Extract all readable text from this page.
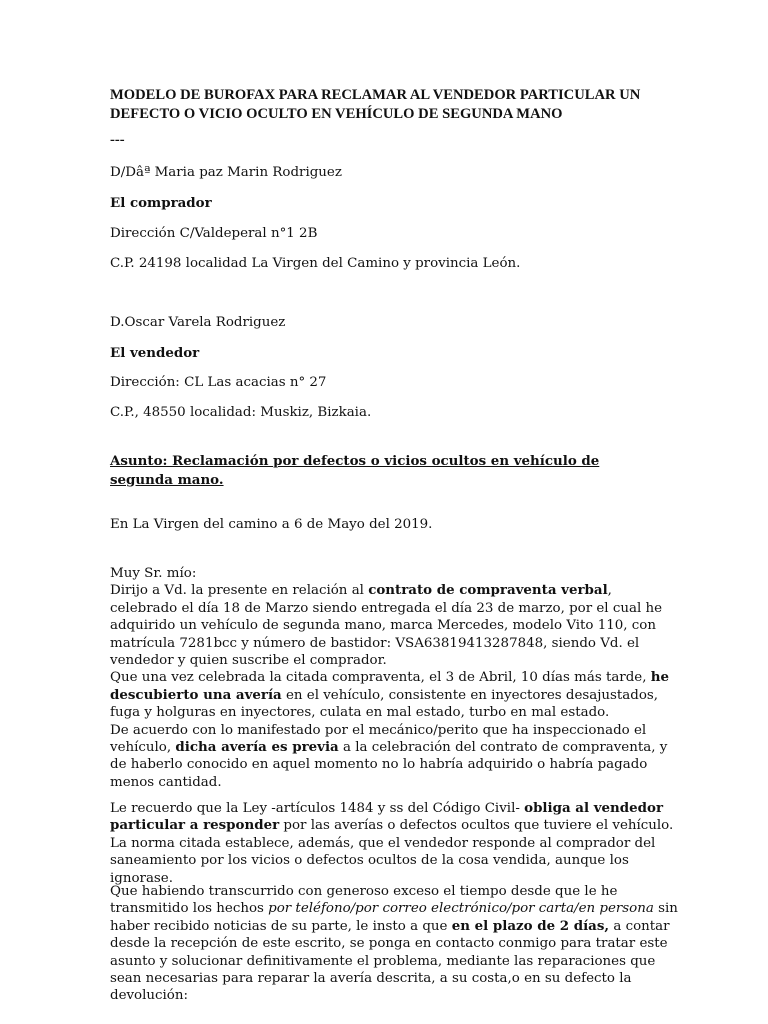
MODELO DE BUROFAX PARA RECLAMAR AL VENDEDOR PARTICULAR UN DEFECTO O VICIO OCULTO EN VEHÍCULO DE SEGUNDA MANO
---
D/Dâª Maria paz Marin Rodriguez
El comprador
Dirección C/Valdeperal n°1 2B
C.P. 24198 localidad La Virgen del Camino y provincia León.
D.Oscar Varela Rodriguez
El vendedor
Dirección: CL Las acacias n° 27
C.P., 48550 localidad: Muskiz, Bizkaia.

Asunto: Reclamación por defectos o vicios ocultos en vehículo de segunda mano.

En La Virgen del camino a 6 de Mayo del 2019.

Muy Sr. mío:
Dirijo a Vd. la presente en relación al contrato de compraventa verbal, celebrado el día 18 de Marzo siendo entregada el día 23 de marzo, por el cual he adquirido un vehículo de segunda mano, marca Mercedes, modelo Vito 110, con matrícula 7281bcc y número de bastidor: VSA63819413287848, siendo Vd. el vendedor y quien suscribe el comprador.
Que una vez celebrada la citada compraventa, el 3 de Abril, 10 días más tarde, he descubierto una avería en el vehículo, consistente en inyectores desajustados, fuga y holguras en inyectores, culata en mal estado, turbo en mal estado.
De acuerdo con lo manifestado por el mecánico/perito que ha inspeccionado el vehículo, dicha avería es previa a la celebración del contrato de compraventa, y de haberlo conocido en aquel momento no lo habría adquirido o habría pagado menos cantidad.

Le recuerdo que la Ley -artículos 1484 y ss del Código Civil- obliga al vendedor particular a responder por las averías o defectos ocultos que tuviere el vehículo. La norma citada establece, además, que el vendedor responde al comprador del saneamiento por los vicios o defectos ocultos de la cosa vendida, aunque los ignorase.

Que habiendo transcurrido con generoso exceso el tiempo desde que le he transmitido los hechos por teléfono/por correo electrónico/por carta/en persona sin haber recibido noticias de su parte, le insto a que en el plazo de 2 días, a contar desde la recepción de este escrito, se ponga en contacto conmigo para tratar este asunto y solucionar definitivamente el problema, mediante las reparaciones que sean necesarias para reparar la avería descrita, a su costa,o en su defecto la devolución:
